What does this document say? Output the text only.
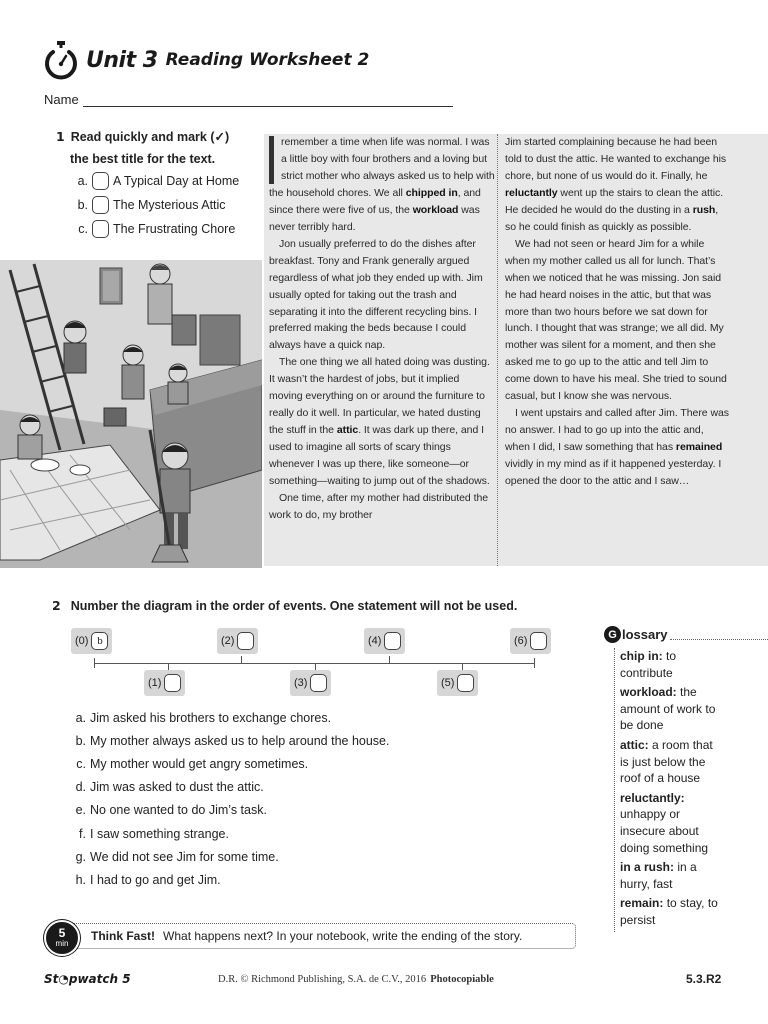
Unit 3 Reading Worksheet 2
Name
1 Read quickly and mark (✓)
the best title for the text.
a. A Typical Day at Home
b. The Mysterious Attic
c. The Frustrating Chore

remember a time when life was normal. I was a little boy with four brothers and a loving but strict mother who always asked us to help with the household chores. We all chipped in, and since there were five of us, the workload was never terribly hard.

Jon usually preferred to do the dishes after breakfast. Tony and Frank generally argued regardless of what job they ended up with. Jim usually opted for taking out the trash and separating it into the different recycling bins. I preferred making the beds because I could always have a quick nap.

The one thing we all hated doing was dusting. It wasn’t the hardest of jobs, but it implied moving everything on or around the furniture to really do it well. In particular, we hated dusting the stuff in the attic. It was dark up there, and I used to imagine all sorts of scary things whenever I was up there, like someone—or something—waiting to jump out of the shadows.

One time, after my mother had distributed the work to do, my brother

Jim started complaining because he had been told to dust the attic. He wanted to exchange his chore, but none of us would do it. Finally, he reluctantly went up the stairs to clean the attic. He decided he would do the dusting in a rush, so he could finish as quickly as possible.

We had not seen or heard Jim for a while when my mother called us all for lunch. That’s when we noticed that he was missing. Jon said he had heard noises in the attic, but that was more than two hours before we sat down for lunch. I thought that was strange; we all did. My mother was silent for a moment, and then she asked me to go up to the attic and tell Jim to come down to have his meal. She tried to sound casual, but I know she was nervous.

I went upstairs and called after Jim. There was no answer. I had to go up into the attic and, when I did, I saw something that has remained vividly in my mind as if it happened yesterday. I opened the door to the attic and I saw…

2 Number the diagram in the order of events. One statement will not be used.
(0) b	(2)	(4)	(6)
(1)	(3)	(5)
a. Jim asked his brothers to exchange chores.
b. My mother always asked us to help around the house.
c. My mother would get angry sometimes.
d. Jim was asked to dust the attic.
e. No one wanted to do Jim’s task.
f. I saw something strange.
g. We did not see Jim for some time.
h. I had to go and get Jim.
G lossary
chip in: to contribute
workload: the amount of work to be done
attic: a room that is just below the roof of a house
reluctantly: unhappy or insecure about doing something
in a rush: in a hurry, fast
remain: to stay, to persist
Think Fast! What happens next? In your notebook, write the ending of the story.
5
min
St◔pwatch 5	D.R. © Richmond Publishing, S.A. de C.V., 2016 Photocopiable	5.3.R2
